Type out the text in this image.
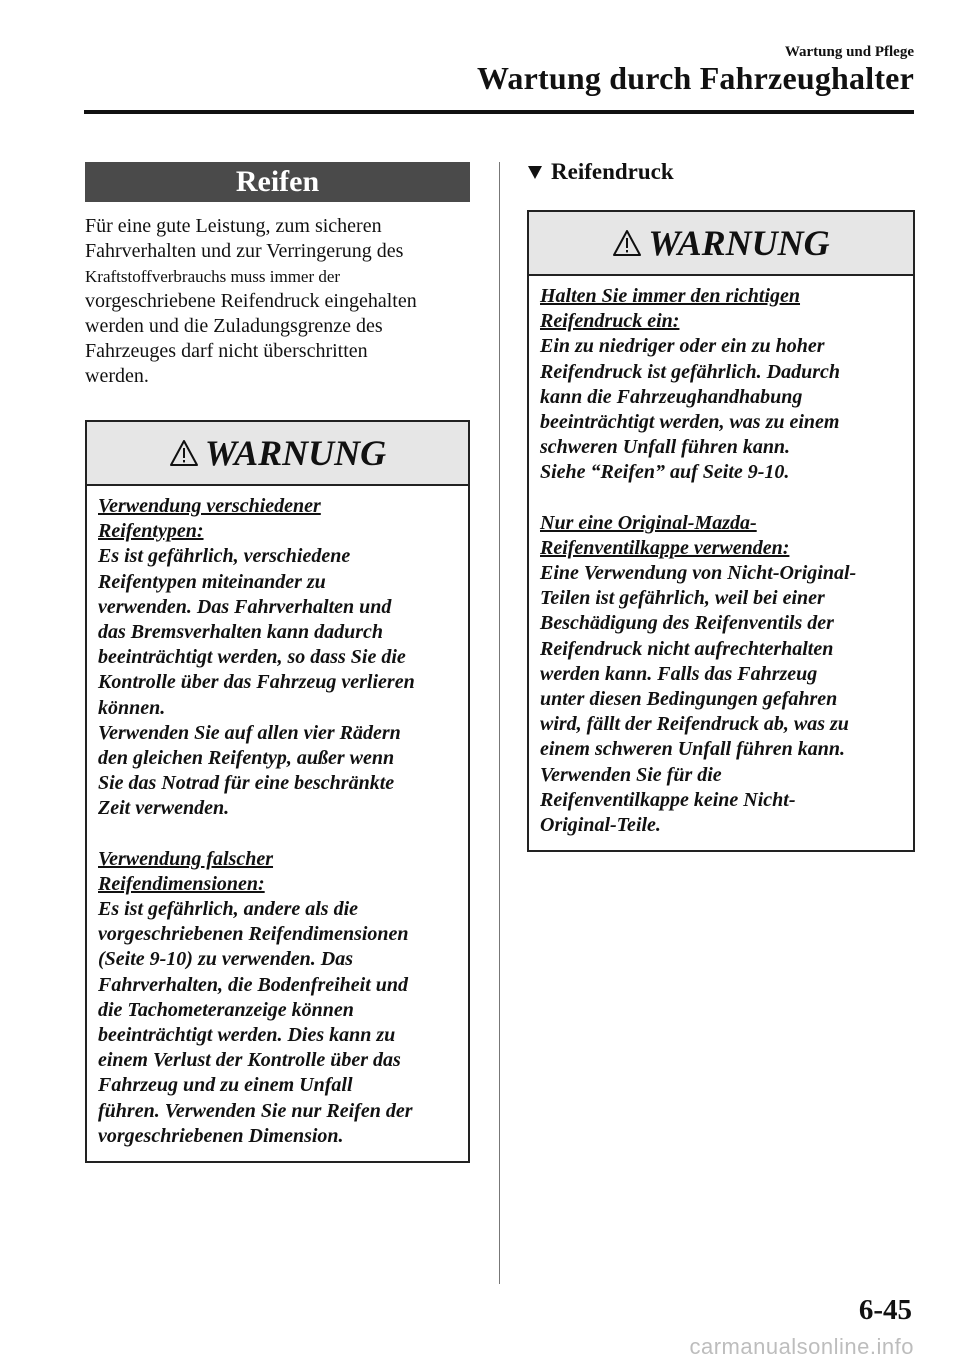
Wartung und Pflege
Wartung durch Fahrzeughalter
Reifen
Für eine gute Leistung, zum sicheren
Fahrverhalten und zur Verringerung des
Kraftstoffverbrauchs muss immer der
vorgeschriebene Reifendruck eingehalten
werden und die Zuladungsgrenze des
Fahrzeuges darf nicht überschritten
werden.
WARNUNG
Verwendung verschiedener
Reifentypen:
Es ist gefährlich, verschiedene
Reifentypen miteinander zu
verwenden. Das Fahrverhalten und
das Bremsverhalten kann dadurch
beeinträchtigt werden, so dass Sie die
Kontrolle über das Fahrzeug verlieren
können.
Verwenden Sie auf allen vier Rädern
den gleichen Reifentyp, außer wenn
Sie das Notrad für eine beschränkte
Zeit verwenden.
Verwendung falscher
Reifendimensionen:
Es ist gefährlich, andere als die
vorgeschriebenen Reifendimensionen
(Seite 9-10) zu verwenden. Das
Fahrverhalten, die Bodenfreiheit und
die Tachometeranzeige können
beeinträchtigt werden. Dies kann zu
einem Verlust der Kontrolle über das
Fahrzeug und zu einem Unfall
führen. Verwenden Sie nur Reifen der
vorgeschriebenen Dimension.
Reifendruck
WARNUNG
Halten Sie immer den richtigen
Reifendruck ein:
Ein zu niedriger oder ein zu hoher
Reifendruck ist gefährlich. Dadurch
kann die Fahrzeughandhabung
beeinträchtigt werden, was zu einem
schweren Unfall führen kann.
Siehe “Reifen” auf Seite 9-10.
Nur eine Original-Mazda-
Reifenventilkappe verwenden:
Eine Verwendung von Nicht-Original-
Teilen ist gefährlich, weil bei einer
Beschädigung des Reifenventils der
Reifendruck nicht aufrechterhalten
werden kann. Falls das Fahrzeug
unter diesen Bedingungen gefahren
wird, fällt der Reifendruck ab, was zu
einem schweren Unfall führen kann.
Verwenden Sie für die
Reifenventilkappe keine Nicht-
Original-Teile.
6-45
carmanualsonline.info
